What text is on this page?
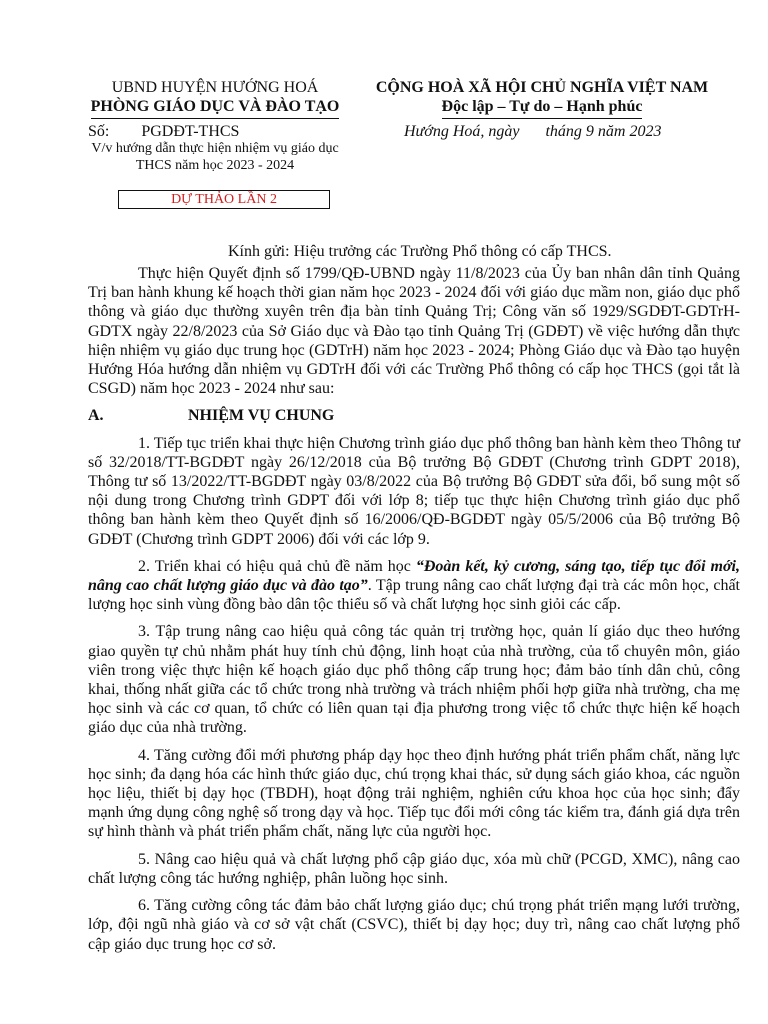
UBND HUYỆN HƯỚNG HOÁ
PHÒNG GIÁO DỤC VÀ ĐÀO TẠO
CỘNG HOÀ XÃ HỘI CHỦ NGHĨA VIỆT NAM
Độc lập – Tự do – Hạnh phúc
Số: PGDĐT-THCS	Hướng Hoá, ngày tháng 9 năm 2023
V/v hướng dẫn thực hiện nhiệm vụ giáo dục THCS năm học 2023 - 2024
DỰ THẢO LẦN 2
Kính gửi: Hiệu trưởng các Trường Phổ thông có cấp THCS.

Thực hiện Quyết định số 1799/QĐ-UBND ngày 11/8/2023 của Ủy ban nhân dân tỉnh Quảng Trị ban hành khung kế hoạch thời gian năm học 2023 - 2024 đối với giáo dục mầm non, giáo dục phổ thông và giáo dục thường xuyên trên địa bàn tỉnh Quảng Trị; Công văn số 1929/SGDĐT-GDTrH-GDTX ngày 22/8/2023 của Sở Giáo dục và Đào tạo tỉnh Quảng Trị (GDĐT) về việc hướng dẫn thực hiện nhiệm vụ giáo dục trung học (GDTrH) năm học 2023 - 2024; Phòng Giáo dục và Đào tạo huyện Hướng Hóa hướng dẫn nhiệm vụ GDTrH đối với các Trường Phổ thông có cấp học THCS (gọi tắt là CSGD) năm học 2023 - 2024 như sau:

A.	NHIỆM VỤ CHUNG

1. Tiếp tục triển khai thực hiện Chương trình giáo dục phổ thông ban hành kèm theo Thông tư số 32/2018/TT-BGDĐT ngày 26/12/2018 của Bộ trưởng Bộ GDĐT (Chương trình GDPT 2018), Thông tư số 13/2022/TT-BGDĐT ngày 03/8/2022 của Bộ trưởng Bộ GDĐT sửa đổi, bổ sung một số nội dung trong Chương trình GDPT đối với lớp 8; tiếp tục thực hiện Chương trình giáo dục phổ thông ban hành kèm theo Quyết định số 16/2006/QĐ-BGDĐT ngày 05/5/2006 của Bộ trưởng Bộ GDĐT (Chương trình GDPT 2006) đối với các lớp 9.

2. Triển khai có hiệu quả chủ đề năm học “Đoàn kết, kỷ cương, sáng tạo, tiếp tục đổi mới, nâng cao chất lượng giáo dục và đào tạo”. Tập trung nâng cao chất lượng đại trà các môn học, chất lượng học sinh vùng đồng bào dân tộc thiểu số và chất lượng học sinh giỏi các cấp.

3. Tập trung nâng cao hiệu quả công tác quản trị trường học, quản lí giáo dục theo hướng giao quyền tự chủ nhằm phát huy tính chủ động, linh hoạt của nhà trường, của tổ chuyên môn, giáo viên trong việc thực hiện kế hoạch giáo dục phổ thông cấp trung học; đảm bảo tính dân chủ, công khai, thống nhất giữa các tổ chức trong nhà trường và trách nhiệm phối hợp giữa nhà trường, cha mẹ học sinh và các cơ quan, tổ chức có liên quan tại địa phương trong việc tổ chức thực hiện kế hoạch giáo dục của nhà trường.

4. Tăng cường đổi mới phương pháp dạy học theo định hướng phát triển phẩm chất, năng lực học sinh; đa dạng hóa các hình thức giáo dục, chú trọng khai thác, sử dụng sách giáo khoa, các nguồn học liệu, thiết bị dạy học (TBDH), hoạt động trải nghiệm, nghiên cứu khoa học của học sinh; đẩy mạnh ứng dụng công nghệ số trong dạy và học. Tiếp tục đổi mới công tác kiểm tra, đánh giá dựa trên sự hình thành và phát triển phẩm chất, năng lực của người học.

5. Nâng cao hiệu quả và chất lượng phổ cập giáo dục, xóa mù chữ (PCGD, XMC), nâng cao chất lượng công tác hướng nghiệp, phân luồng học sinh.

6. Tăng cường công tác đảm bảo chất lượng giáo dục; chú trọng phát triển mạng lưới trường, lớp, đội ngũ nhà giáo và cơ sở vật chất (CSVC), thiết bị dạy học; duy trì, nâng cao chất lượng phổ cập giáo dục trung học cơ sở.
